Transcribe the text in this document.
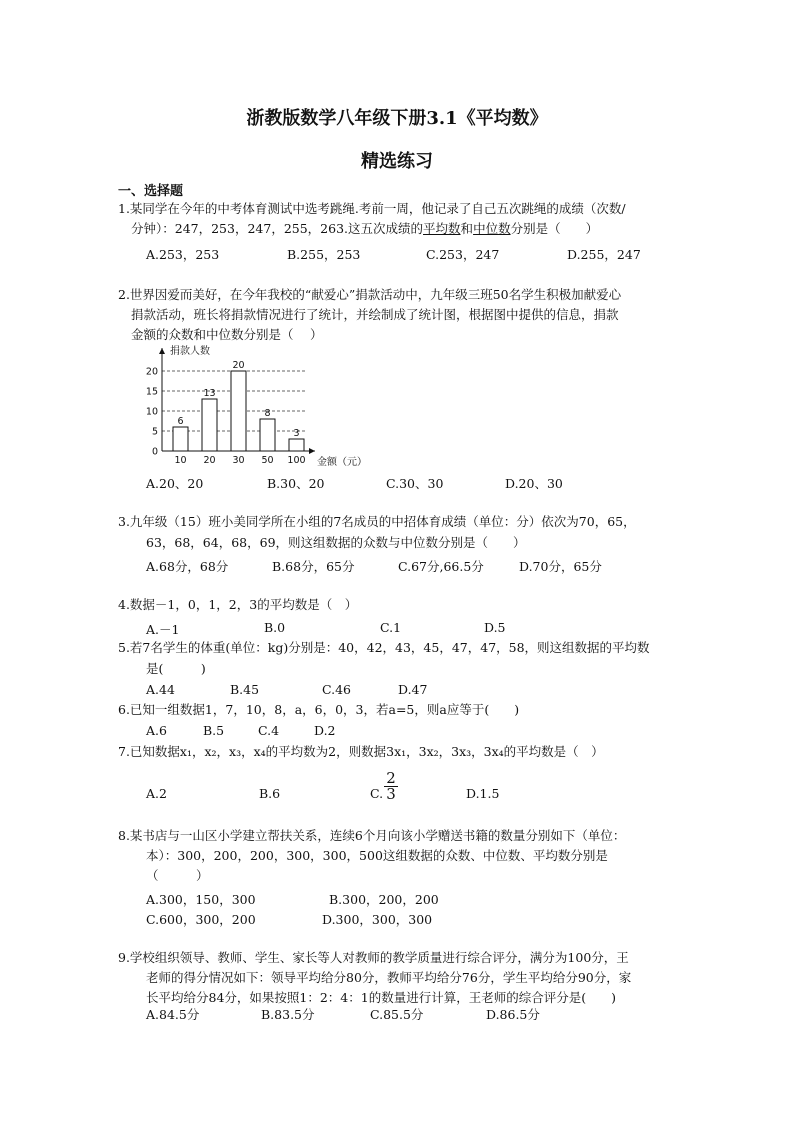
浙教版数学八年级下册3.1《平均数》
精选练习
一、选择题
1.某同学在今年的中考体育测试中选考跳绳.考前一周，他记录了自己五次跳绳的成绩（次数/
分钟）：247，253，247，255，263.这五次成绩的平均数和中位数分别是（　　）
A.253，253	B.255，253	C.253，247	D.255，247
2.世界因爱而美好，在今年我校的“献爱心”捐款活动中，九年级三班50名学生积极加献爱心
捐款活动，班长将捐款情况进行了统计，并绘制成了统计图，根据图中提供的信息，捐款
金额的众数和中位数分别是（　 ）
0
5
10
15
20
捐款人数
金额（元）
6
10
13
20
20
30
8
50
3
100
A.20、20	B.30、20	C.30、30	D.20、30
3.九年级（15）班小美同学所在小组的7名成员的中招体育成绩（单位：分）依次为70，65，
63，68，64，68，69，则这组数据的众数与中位数分别是（　　）
A.68分，68分	B.68分，65分	C.67分,66.5分	D.70分，65分
4.数据－1，0，1，2，3的平均数是（　）
A.－1	B.0	C.1	D.5
5.若7名学生的体重(单位：kg)分别是：40，42，43，45，47，47，58，则这组数据的平均数
是(　　　)
A.44	B.45	C.46	D.47
6.已知一组数据1，7，10，8，a，6，0，3，若a=5，则a应等于(　　)
A.6	B.5	C.4	D.2
7.已知数据x₁，x₂，x₃，x₄的平均数为2，则数据3x₁，3x₂，3x₃，3x₄的平均数是（　）
A.2	B.6	C. $\frac{2}{3}$	D.1.5
8.某书店与一山区小学建立帮扶关系，连续6个月向该小学赠送书籍的数量分别如下（单位：
本）：300，200，200，300，300，500这组数据的众数、中位数、平均数分别是
（　　　）
A.300，150，300	B.300，200，200
C.600，300，200	D.300，300，300
9.学校组织领导、教师、学生、家长等人对教师的教学质量进行综合评分，满分为100分，王
老师的得分情况如下：领导平均给分80分，教师平均给分76分，学生平均给分90分，家
长平均给分84分，如果按照1：2：4：1的数量进行计算，王老师的综合评分是(　　)
A.84.5分	B.83.5分	C.85.5分	D.86.5分
